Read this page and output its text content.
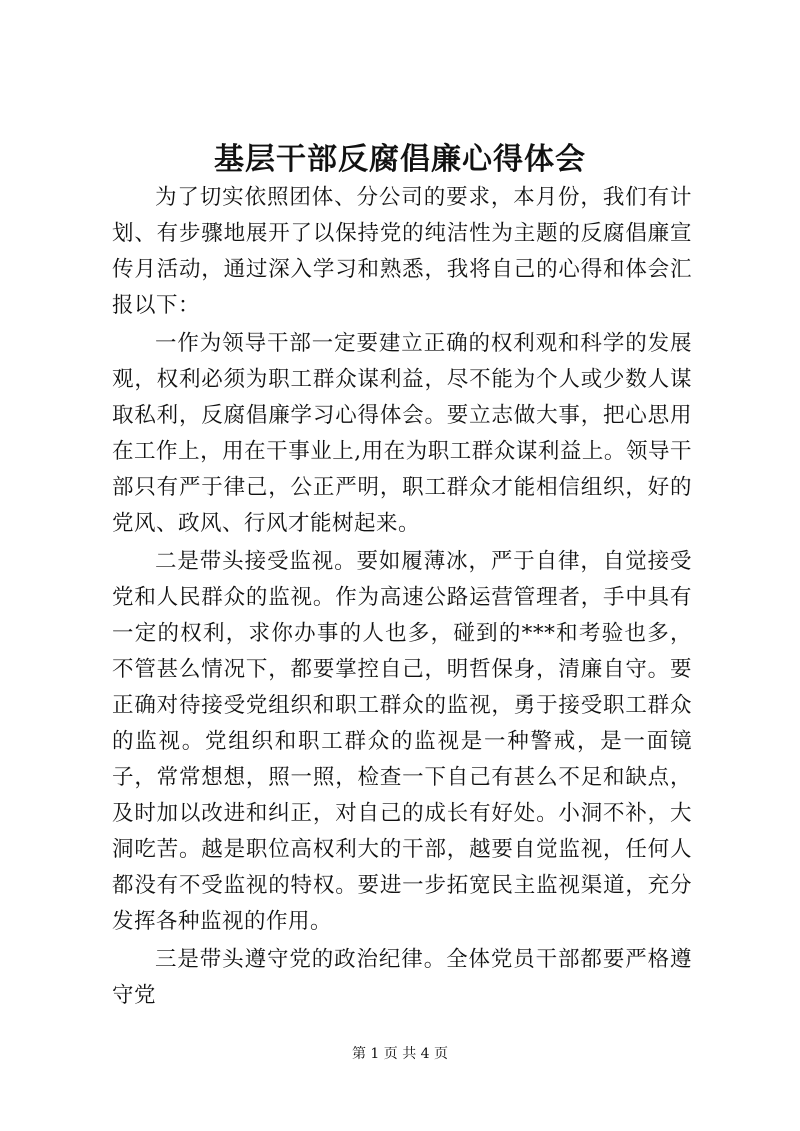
基层干部反腐倡廉心得体会

为了切实依照团体、分公司的要求，本月份，我们有计划、有步骤地展开了以保持党的纯洁性为主题的反腐倡廉宣传月活动，通过深入学习和熟悉，我将自己的心得和体会汇报以下：

一作为领导干部一定要建立正确的权利观和科学的发展观，权利必须为职工群众谋利益，尽不能为个人或少数人谋取私利，反腐倡廉学习心得体会。要立志做大事，把心思用在工作上，用在干事业上,用在为职工群众谋利益上。领导干部只有严于律己，公正严明，职工群众才能相信组织，好的党风、政风、行风才能树起来。

二是带头接受监视。要如履薄冰，严于自律，自觉接受党和人民群众的监视。作为高速公路运营管理者，手中具有一定的权利，求你办事的人也多，碰到的***和考验也多，不管甚么情况下，都要掌控自己，明哲保身，清廉自守。要正确对待接受党组织和职工群众的监视，勇于接受职工群众的监视。党组织和职工群众的监视是一种警戒，是一面镜子，常常想想，照一照，检查一下自己有甚么不足和缺点，及时加以改进和纠正，对自己的成长有好处。小洞不补，大洞吃苦。越是职位高权利大的干部，越要自觉监视，任何人都没有不受监视的特权。要进一步拓宽民主监视渠道，充分发挥各种监视的作用。

三是带头遵守党的政治纪律。全体党员干部都要严格遵守党

第 1 页 共 4 页
